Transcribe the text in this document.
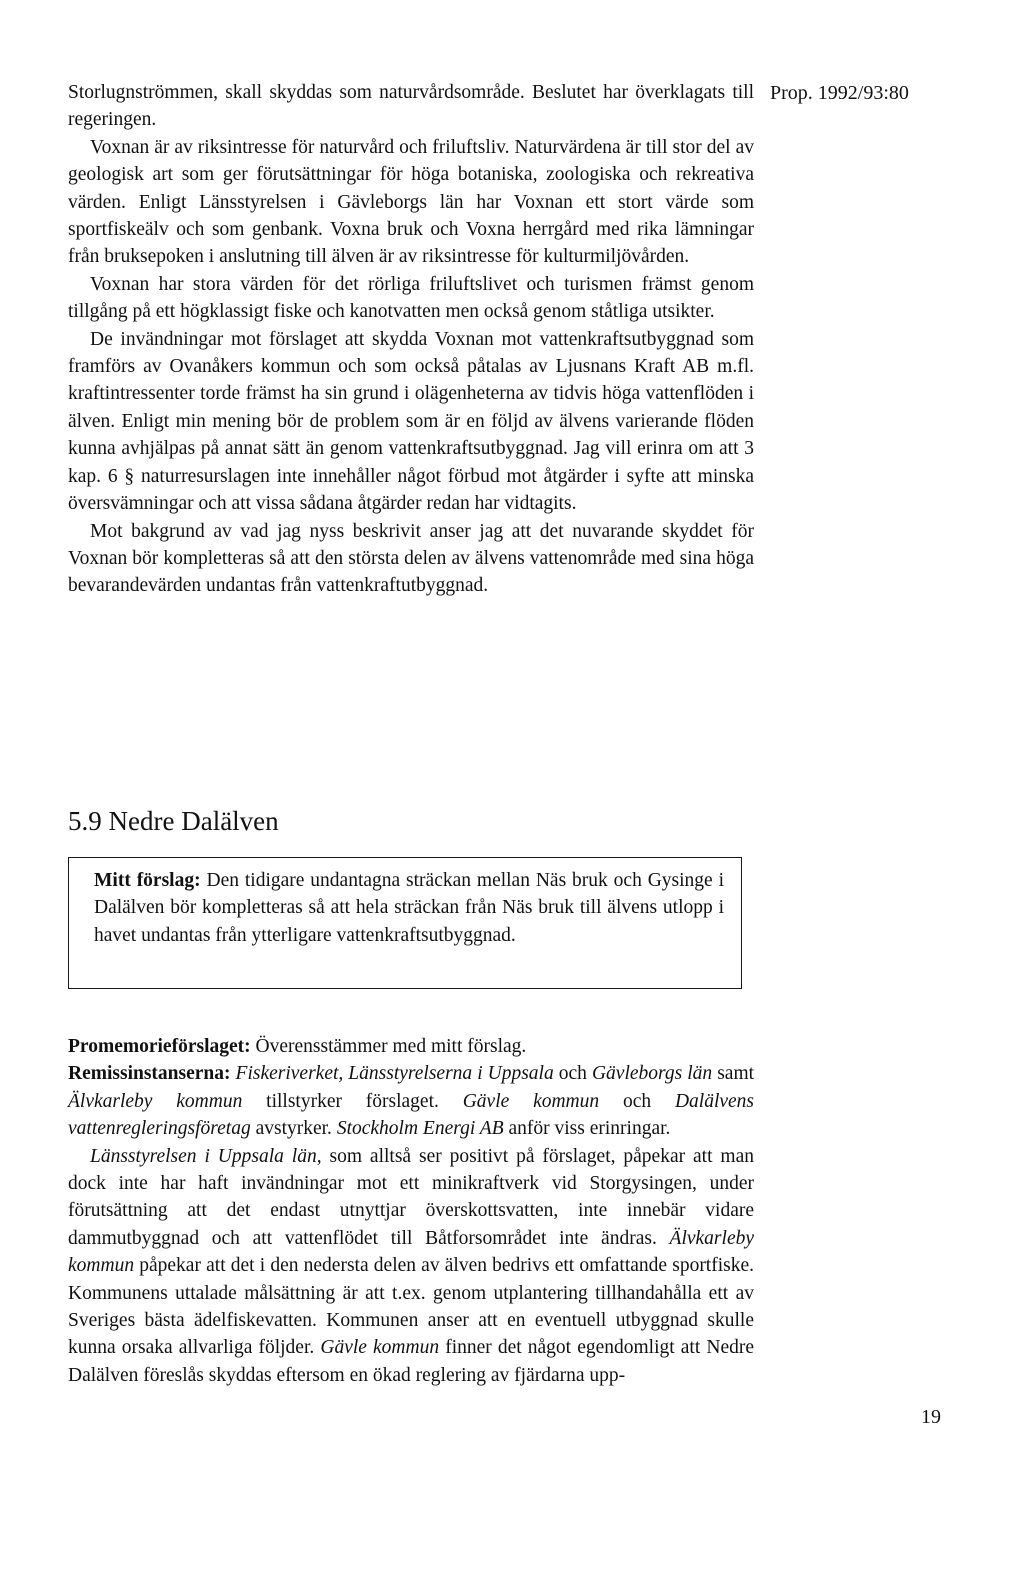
Prop. 1992/93:80

Storlugnströmmen, skall skyddas som naturvårdsområde. Beslutet har överklagats till regeringen.

Voxnan är av riksintresse för naturvård och friluftsliv. Naturvärdena är till stor del av geologisk art som ger förutsättningar för höga botaniska, zoologiska och rekreativa värden. Enligt Länsstyrelsen i Gävleborgs län har Voxnan ett stort värde som sportfiskeälv och som genbank. Voxna bruk och Voxna herrgård med rika lämningar från bruksepoken i anslutning till älven är av riksintresse för kulturmiljövården.

Voxnan har stora värden för det rörliga friluftslivet och turismen främst genom tillgång på ett högklassigt fiske och kanotvatten men också genom ståtliga utsikter.

De invändningar mot förslaget att skydda Voxnan mot vattenkraftsutbyggnad som framförs av Ovanåkers kommun och som också påtalas av Ljusnans Kraft AB m.fl. kraftintressenter torde främst ha sin grund i olägenheterna av tidvis höga vattenflöden i älven. Enligt min mening bör de problem som är en följd av älvens varierande flöden kunna avhjälpas på annat sätt än genom vattenkraftsutbyggnad. Jag vill erinra om att 3 kap. 6 § naturresurslagen inte innehåller något förbud mot åtgärder i syfte att minska översvämningar och att vissa sådana åtgärder redan har vidtagits.

Mot bakgrund av vad jag nyss beskrivit anser jag att det nuvarande skyddet för Voxnan bör kompletteras så att den största delen av älvens vattenområde med sina höga bevarandevärden undantas från vattenkraftutbyggnad.

5.9 Nedre Dalälven

Mitt förslag: Den tidigare undantagna sträckan mellan Näs bruk och Gysinge i Dalälven bör kompletteras så att hela sträckan från Näs bruk till älvens utlopp i havet undantas från ytterligare vattenkraftsutbyggnad.

Promemorieförslaget: Överensstämmer med mitt förslag.

Remissinstanserna: Fiskeriverket, Länsstyrelserna i Uppsala och Gävleborgs län samt Älvkarleby kommun tillstyrker förslaget. Gävle kommun och Dalälvens vattenregleringsföretag avstyrker. Stockholm Energi AB anför viss erinringar.

Länsstyrelsen i Uppsala län, som alltså ser positivt på förslaget, påpekar att man dock inte har haft invändningar mot ett minikraftverk vid Storgysingen, under förutsättning att det endast utnyttjar överskottsvatten, inte innebär vidare dammutbyggnad och att vattenflödet till Båtforsområdet inte ändras. Älvkarleby kommun påpekar att det i den nedersta delen av älven bedrivs ett omfattande sportfiske. Kommunens uttalade målsättning är att t.ex. genom utplantering tillhandahålla ett av Sveriges bästa ädelfiskevatten. Kommunen anser att en eventuell utbyggnad skulle kunna orsaka allvarliga följder. Gävle kommun finner det något egendomligt att Nedre Dalälven föreslås skyddas eftersom en ökad reglering av fjärdarna upp-

19
